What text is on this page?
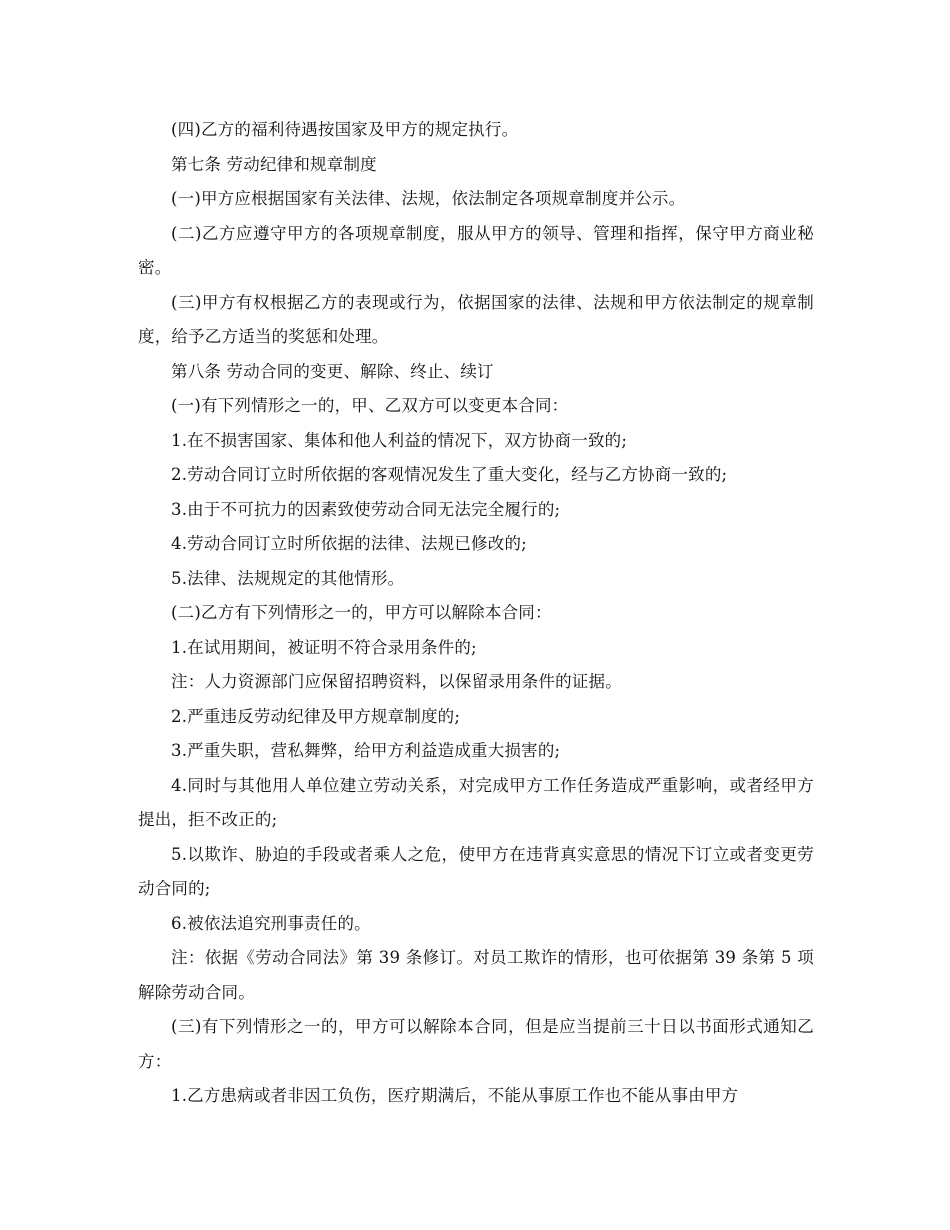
(四)乙方的福利待遇按国家及甲方的规定执行。

第七条 劳动纪律和规章制度

(一)甲方应根据国家有关法律、法规，依法制定各项规章制度并公示。

(二)乙方应遵守甲方的各项规章制度，服从甲方的领导、管理和指挥，保守甲方商业秘密。

(三)甲方有权根据乙方的表现或行为，依据国家的法律、法规和甲方依法制定的规章制度，给予乙方适当的奖惩和处理。

第八条 劳动合同的变更、解除、终止、续订

(一)有下列情形之一的，甲、乙双方可以变更本合同：

1.在不损害国家、集体和他人利益的情况下，双方协商一致的;

2.劳动合同订立时所依据的客观情况发生了重大变化，经与乙方协商一致的;

3.由于不可抗力的因素致使劳动合同无法完全履行的;

4.劳动合同订立时所依据的法律、法规已修改的;

5.法律、法规规定的其他情形。

(二)乙方有下列情形之一的，甲方可以解除本合同：

1.在试用期间，被证明不符合录用条件的;

注：人力资源部门应保留招聘资料，以保留录用条件的证据。

2.严重违反劳动纪律及甲方规章制度的;

3.严重失职，营私舞弊，给甲方利益造成重大损害的;

4.同时与其他用人单位建立劳动关系，对完成甲方工作任务造成严重影响，或者经甲方提出，拒不改正的;

5.以欺诈、胁迫的手段或者乘人之危，使甲方在违背真实意思的情况下订立或者变更劳动合同的;

6.被依法追究刑事责任的。

注：依据《劳动合同法》第 39 条修订。对员工欺诈的情形，也可依据第 39 条第 5 项解除劳动合同。

(三)有下列情形之一的，甲方可以解除本合同，但是应当提前三十日以书面形式通知乙方：

1.乙方患病或者非因工负伤，医疗期满后，不能从事原工作也不能从事由甲方
